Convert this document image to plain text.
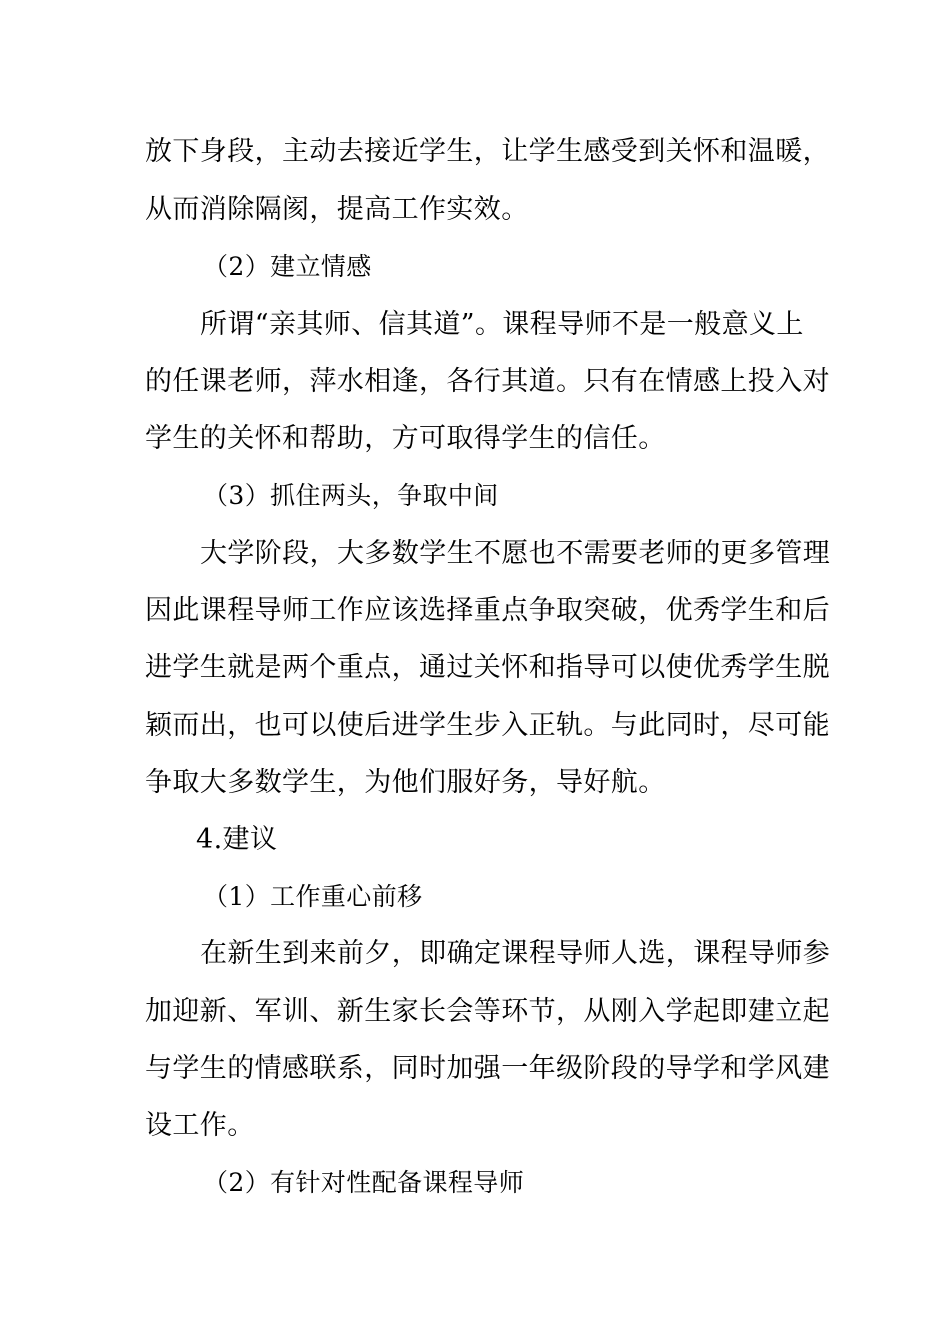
放下身段，主动去接近学生，让学生感受到关怀和温暖，
从而消除隔阂，提高工作实效。
（2）建立情感
所谓“亲其师、信其道”。课程导师不是一般意义上
的任课老师，萍水相逢，各行其道。只有在情感上投入对
学生的关怀和帮助，方可取得学生的信任。
（3）抓住两头，争取中间
大学阶段，大多数学生不愿也不需要老师的更多管理
因此课程导师工作应该选择重点争取突破，优秀学生和后
进学生就是两个重点，通过关怀和指导可以使优秀学生脱
颖而出，也可以使后进学生步入正轨。与此同时，尽可能
争取大多数学生，为他们服好务，导好航。
4.建议
（1）工作重心前移
在新生到来前夕，即确定课程导师人选，课程导师参
加迎新、军训、新生家长会等环节，从刚入学起即建立起
与学生的情感联系，同时加强一年级阶段的导学和学风建
设工作。
（2）有针对性配备课程导师
